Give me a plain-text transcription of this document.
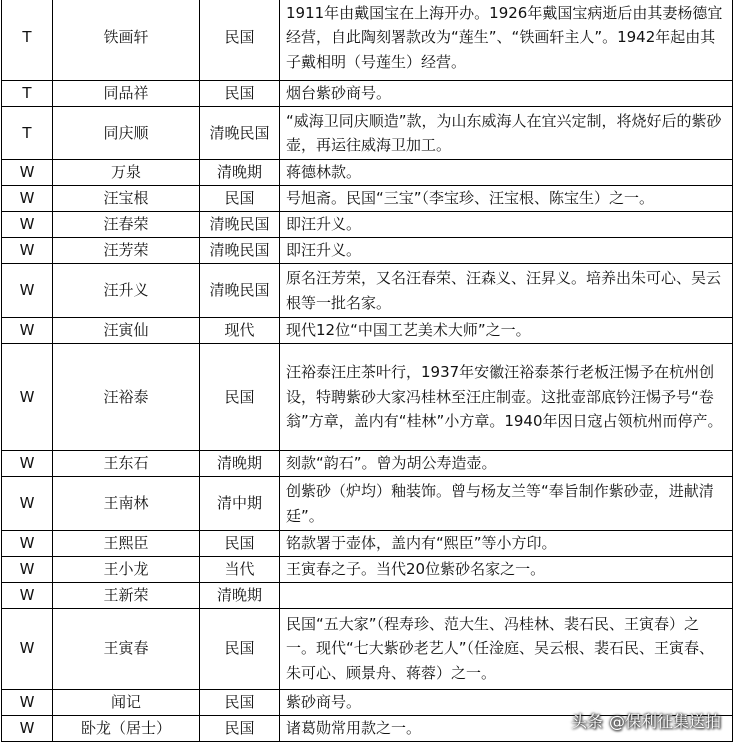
T	铁画轩	民国	1911年由戴国宝在上海开办。1926年戴国宝病逝后由其妻杨德宜经营，自此陶刻署款改为“莲生”、“铁画轩主人”。1942年起由其子戴相明（号莲生）经营。
T	同品祥	民国	烟台紫砂商号。
T	同庆顺	清晚民国	“威海卫同庆顺造”款，为山东威海人在宜兴定制，将烧好后的紫砂壶，再运往威海卫加工。
W	万泉	清晚期	蒋德林款。
W	汪宝根	民国	号旭斋。民国“三宝”（李宝珍、汪宝根、陈宝生）之一。
W	汪春荣	清晚民国	即汪升义。
W	汪芳荣	清晚民国	即汪升义。
W	汪升义	清晚民国	原名汪芳荣，又名汪春荣、汪森义、汪昇义。培养出朱可心、吴云根等一批名家。
W	汪寅仙	现代	现代12位“中国工艺美术大师”之一。
W	汪裕泰	民国	汪裕泰汪庄茶叶行，1937年安徽汪裕泰茶行老板汪惕予在杭州创设，特聘紫砂大家冯桂林至汪庄制壶。这批壶部底钤汪惕予号“卷翁”方章，盖内有“桂林”小方章。1940年因日寇占领杭州而停产。
W	王东石	清晚期	刻款“韵石”。曾为胡公寿造壶。
W	王南林	清中期	创紫砂（炉均）釉装饰。曾与杨友兰等“奉旨制作紫砂壶，进献清廷”。
W	王熙臣	民国	铭款署于壶体，盖内有“熙臣”等小方印。
W	王小龙	当代	王寅春之子。当代20位紫砂名家之一。
W	王新荣	清晚期	
W	王寅春	民国	民国“五大家”（程寿珍、范大生、冯桂林、裴石民、王寅春）之一。现代“七大紫砂老艺人”（任淦庭、吴云根、裴石民、王寅春、朱可心、顾景舟、蒋蓉）之一。
W	闻记	民国	紫砂商号。
W	卧龙（居士）	民国	诸葛勋常用款之一。	头条 @保利征集送拍
